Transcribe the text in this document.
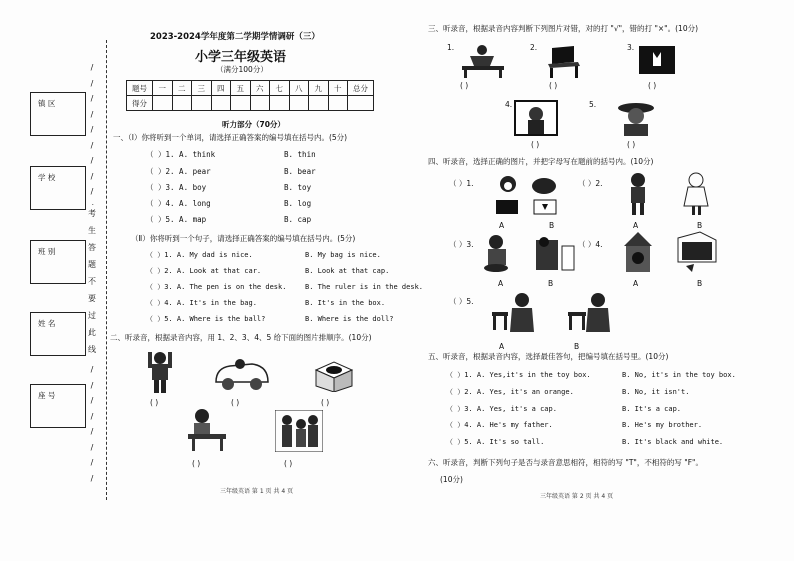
镇 区
学 校
班 别
姓 名
座 号
/
/
/
/
/
/
/
/
/

考
生
答
题
不
要
过
此
线
/
/
/
/
/
/
/
/
2023-2024学年度第二学期学情调研（三）
小学三年级英语
（满分100分）
题号	一	二	三	四	五	六	七	八	九	十	总分
得分											
听力部分（70分）
一、（Ⅰ）你将听到一个单词，请选择正确答案的编号填在括号内。(5分)
（ ）1. A. think	B. thin
（ ）2. A. pear	B. bear
（ ）3. A. boy	B. toy
（ ）4. A. long	B. log
（ ）5. A. map	B. cap
（Ⅱ）你将听到一个句子，请选择正确答案的编号填在括号内。(5分)
（ ）1. A. My dad is nice.	B. My bag is nice.
（ ）2. A. Look at that car.	B. Look at that cap.
（ ）3. A. The pen is on the desk.	B. The ruler is in the desk.
（ ）4. A. It's in the bag.	B. It's in the box.
（ ）5. A. Where is the ball?	B. Where is the doll?
二、听录音，根据录音内容，用 1、2、3、4、5 给下面的图片排顺序。(10分)
( )	( )	( )
( )	( )
三年级英语 第 1 页 共 4 页
三、听录音，根据录音内容判断下列图片对错，对的打 "√"，错的打 "×"。(10分)
1.	2.	3.
( )	( )	( )
4.	5.
( )	( )
四、听录音，选择正确的图片，并把字母写在题前的括号内。(10分)
（ ）1.
A	B
（ ）2.
A	B
（ ）3.
A	B
（ ）4.
A	B
（ ）5.
A	B
五、听录音，根据录音内容，选择最佳答句，把编号填在括号里。(10分)
（ ）1. A. Yes,it's in the toy box.	B. No, it's in the toy box.
（ ）2. A. Yes, it's an orange.	B. No, it isn't.
（ ）3. A. Yes, it's a cap.	B. It's a cap.
（ ）4. A. He's my father.	B. He's my brother.
（ ）5. A. It's so tall.	B. It's black and white.
六、听录音，判断下列句子是否与录音意思相符，相符的写 "T"，不相符的写 "F"。
(10分)
三年级英语 第 2 页 共 4 页
